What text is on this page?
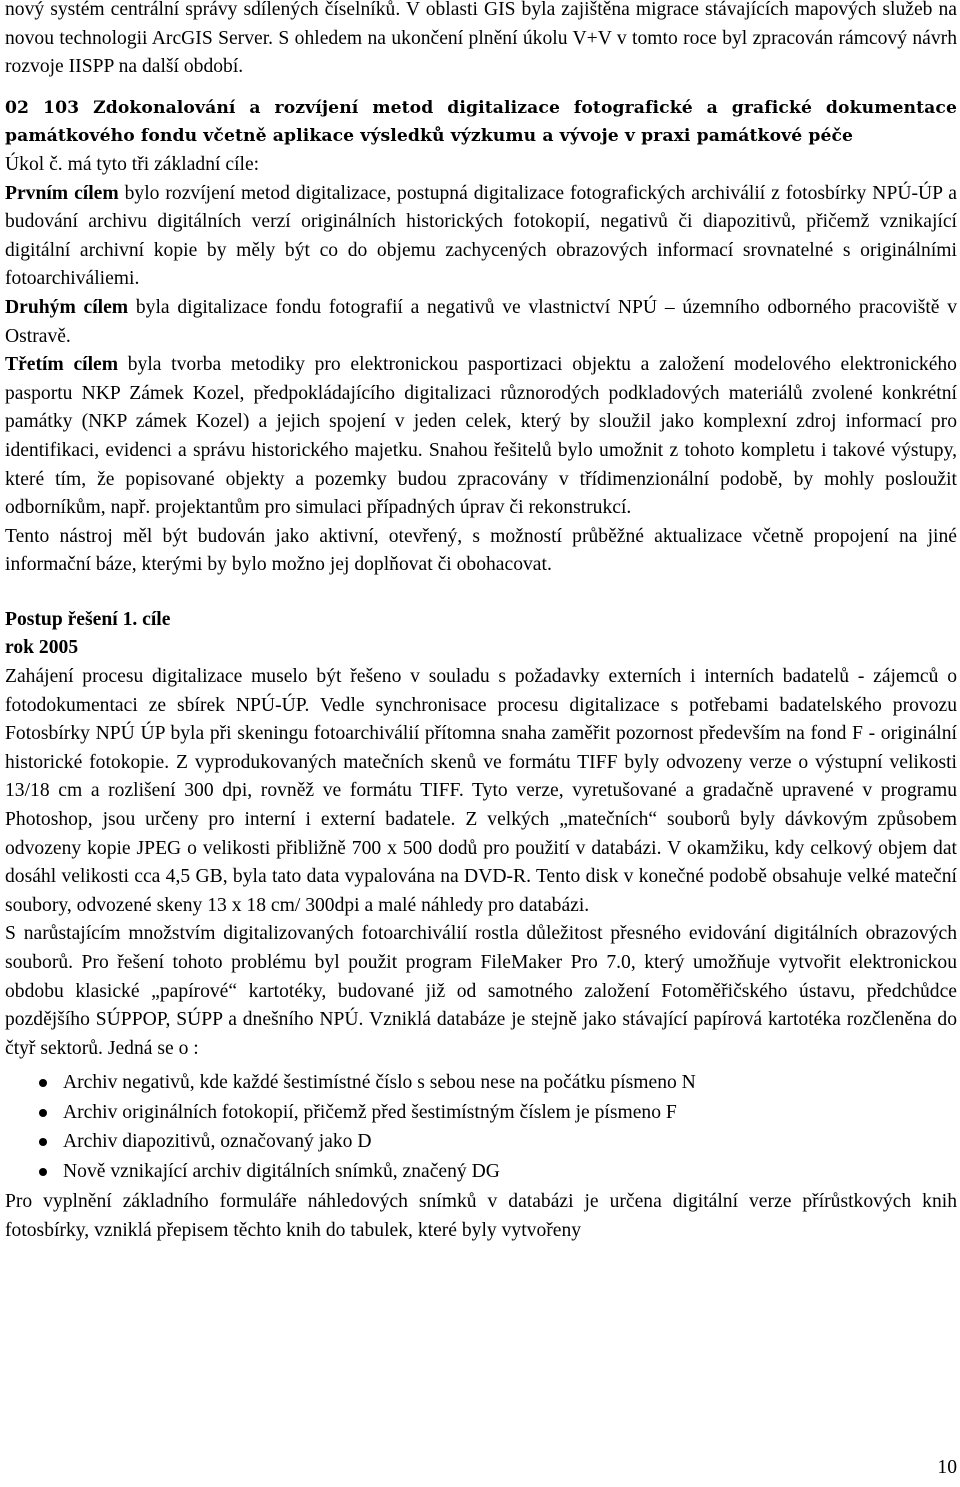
nový systém centrální správy sdílených číselníků. V oblasti GIS byla zajištěna migrace stávajících mapových služeb na novou technologii ArcGIS Server. S ohledem na ukončení plnění úkolu V+V v tomto roce byl zpracován rámcový návrh rozvoje IISPP na další období.

02 103 Zdokonalování a rozvíjení metod digitalizace fotografické a grafické dokumentace památkového fondu včetně aplikace výsledků výzkumu a vývoje v praxi památkové péče

Úkol č. má tyto tři základní cíle:

Prvním cílem bylo rozvíjení metod digitalizace, postupná digitalizace fotografických archiválií z fotosbírky NPÚ-ÚP a budování archivu digitálních verzí originálních historických fotokopií, negativů či diapozitivů, přičemž vznikající digitální archivní kopie by měly být co do objemu zachycených obrazových informací srovnatelné s originálními fotoarchiváliemi.

Druhým cílem byla digitalizace fondu fotografií a negativů ve vlastnictví NPÚ – územního odborného pracoviště v Ostravě.

Třetím cílem byla tvorba metodiky pro elektronickou pasportizaci objektu a založení modelového elektronického pasportu NKP Zámek Kozel, předpokládajícího digitalizaci různorodých podkladových materiálů zvolené konkrétní památky (NKP zámek Kozel) a jejich spojení v jeden celek, který by sloužil jako komplexní zdroj informací pro identifikaci, evidenci a správu historického majetku. Snahou řešitelů bylo umožnit z tohoto kompletu i takové výstupy, které tím, že popisované objekty a pozemky budou zpracovány v třídimenzionální podobě, by mohly posloužit odborníkům, např. projektantům pro simulaci případných úprav či rekonstrukcí.

Tento nástroj měl být budován jako aktivní, otevřený, s možností průběžné aktualizace včetně propojení na jiné informační báze, kterými by bylo možno jej doplňovat či obohacovat.

Postup řešení 1. cíle

rok 2005

Zahájení procesu digitalizace muselo být řešeno v souladu s požadavky externích i interních badatelů - zájemců o fotodokumentaci ze sbírek NPÚ-ÚP. Vedle synchronisace procesu digitalizace s potřebami badatelského provozu Fotosbírky NPÚ ÚP byla při skeningu fotoarchiválií přítomna snaha zaměřit pozornost především na fond F - originální historické fotokopie. Z vyprodukovaných matečních skenů ve formátu TIFF byly odvozeny verze o výstupní velikosti 13/18 cm a rozlišení 300 dpi, rovněž ve formátu TIFF. Tyto verze, vyretušované a gradačně upravené v programu Photoshop, jsou určeny pro interní i externí badatele. Z velkých „matečních“ souborů byly dávkovým způsobem odvozeny kopie JPEG o velikosti přibližně 700 x 500 dodů pro použití v databázi. V okamžiku, kdy celkový objem dat dosáhl velikosti cca 4,5 GB, byla tato data vypalována na DVD-R. Tento disk v konečné podobě obsahuje velké mateční soubory, odvozené skeny 13 x 18 cm/ 300dpi a malé náhledy pro databázi.

S narůstajícím množstvím digitalizovaných fotoarchiválií rostla důležitost přesného evidování digitálních obrazových souborů. Pro řešení tohoto problému byl použit program FileMaker Pro 7.0, který umožňuje vytvořit elektronickou obdobu klasické „papírové“ kartotéky, budované již od samotného založení Fotoměřičského ústavu, předchůdce pozdějšího SÚPPOP, SÚPP a dnešního NPÚ. Vzniklá databáze je stejně jako stávající papírová kartotéka rozčleněna do čtyř sektorů. Jedná se o :

Archiv negativů, kde každé šestimístné číslo s sebou nese na počátku písmeno N
Archiv originálních fotokopií, přičemž před šestimístným číslem je písmeno F
Archiv diapozitivů, označovaný jako D
Nově vznikající archiv digitálních snímků, značený DG

Pro vyplnění základního formuláře náhledových snímků v databázi je určena digitální verze přírůstkových knih fotosbírky, vzniklá přepisem těchto knih do tabulek, které byly vytvořeny

10
